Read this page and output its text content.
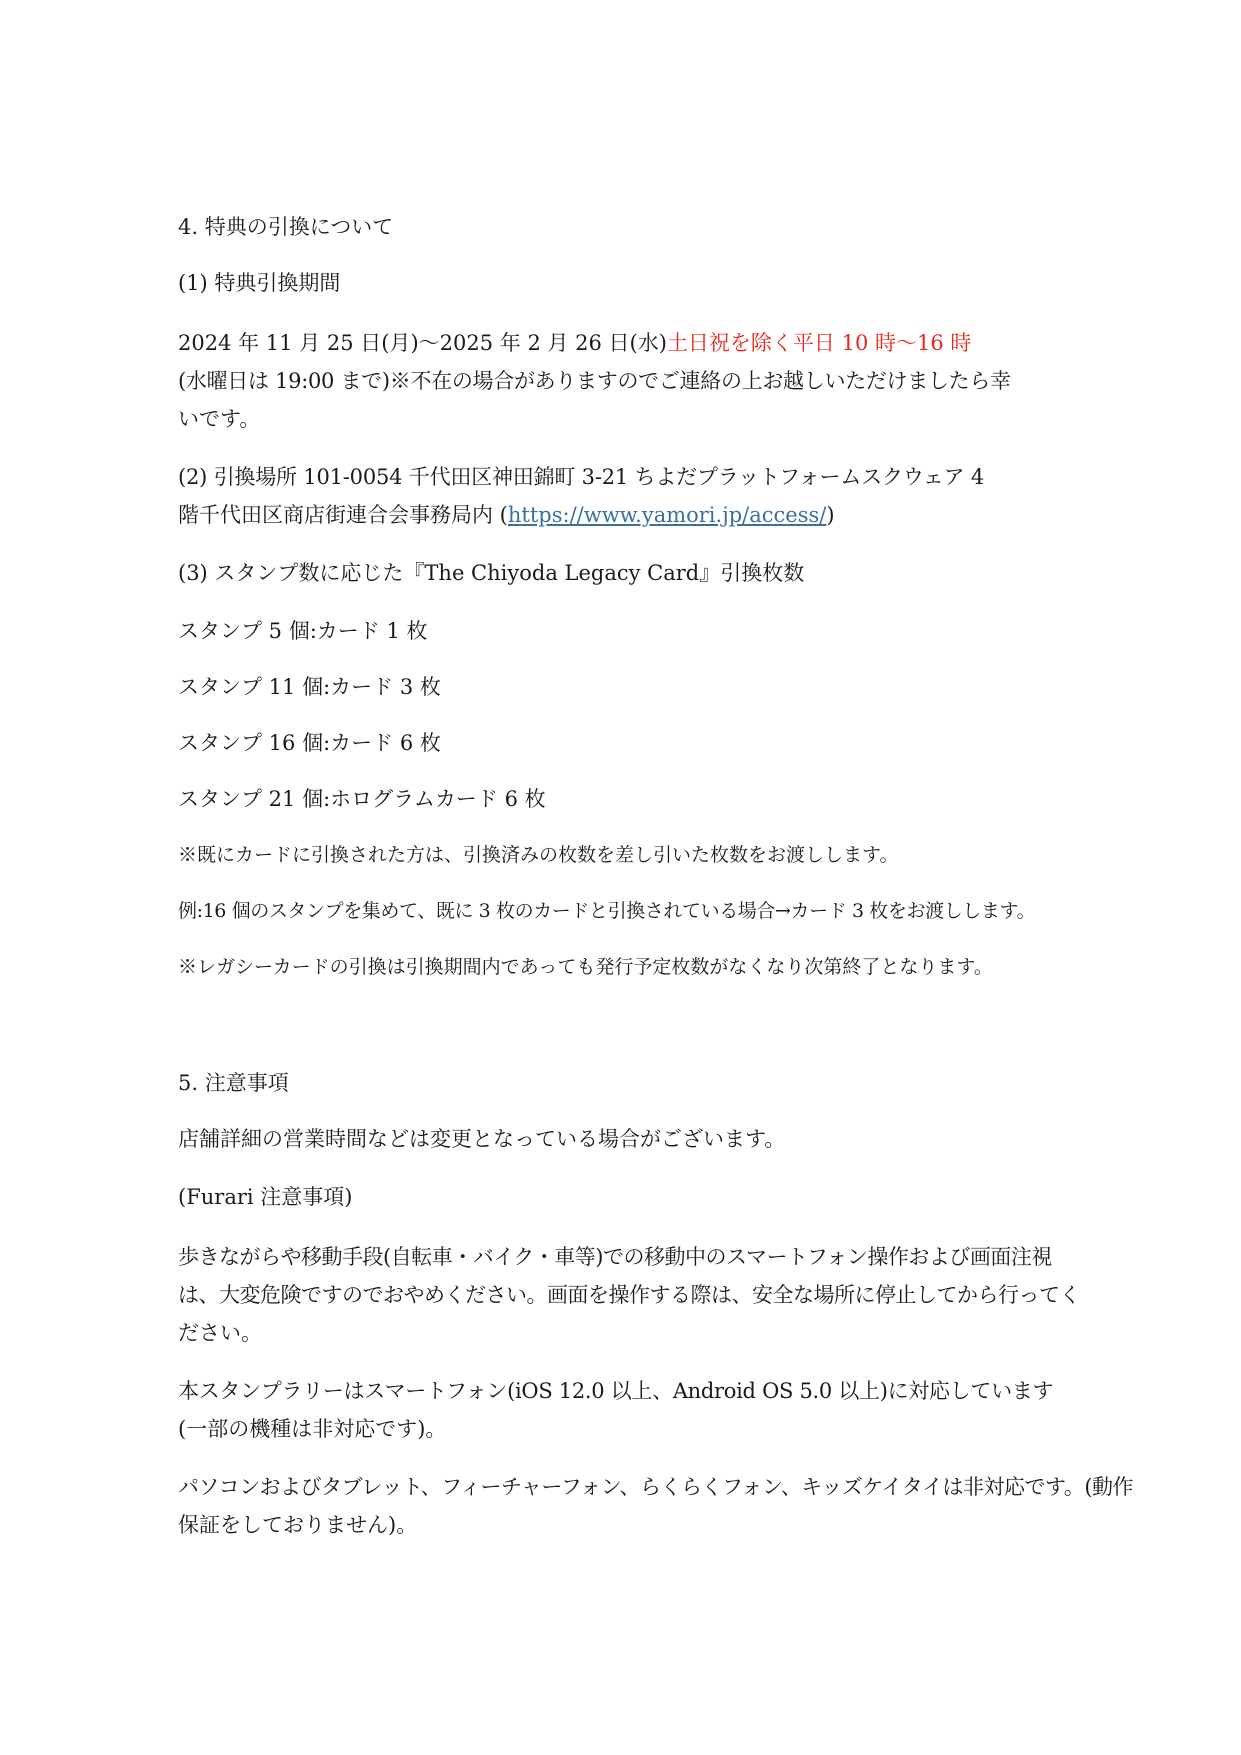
4. 特典の引換について

(1) 特典引換期間

2024 年 11 月 25 日(月)～2025 年 2 月 26 日(水)土日祝を除く平日 10 時～16 時

(水曜日は 19:00 まで)※不在の場合がありますのでご連絡の上お越しいただけましたら幸

いです。

(2) 引換場所 101-0054 千代田区神田錦町 3-21 ちよだプラットフォームスクウェア 4

階千代田区商店街連合会事務局内 (https://www.yamori.jp/access/)

(3) スタンプ数に応じた『The Chiyoda Legacy Card』引換枚数

スタンプ 5 個:カード 1 枚

スタンプ 11 個:カード 3 枚

スタンプ 16 個:カード 6 枚

スタンプ 21 個:ホログラムカード 6 枚

※既にカードに引換された方は、引換済みの枚数を差し引いた枚数をお渡しします。

例:16 個のスタンプを集めて、既に 3 枚のカードと引換されている場合→カード 3 枚をお渡しします。

※レガシーカードの引換は引換期間内であっても発行予定枚数がなくなり次第終了となります。

5. 注意事項

店舗詳細の営業時間などは変更となっている場合がございます。

(Furari 注意事項)

歩きながらや移動手段(自転車・バイク・車等)での移動中のスマートフォン操作および画面注視

は、大変危険ですのでおやめください。画面を操作する際は、安全な場所に停止してから行ってく

ださい。

本スタンプラリーはスマートフォン(iOS 12.0 以上、Android OS 5.0 以上)に対応しています

(一部の機種は非対応です)。

パソコンおよびタブレット、フィーチャーフォン、らくらくフォン、キッズケイタイは非対応です。(動作

保証をしておりません)。
